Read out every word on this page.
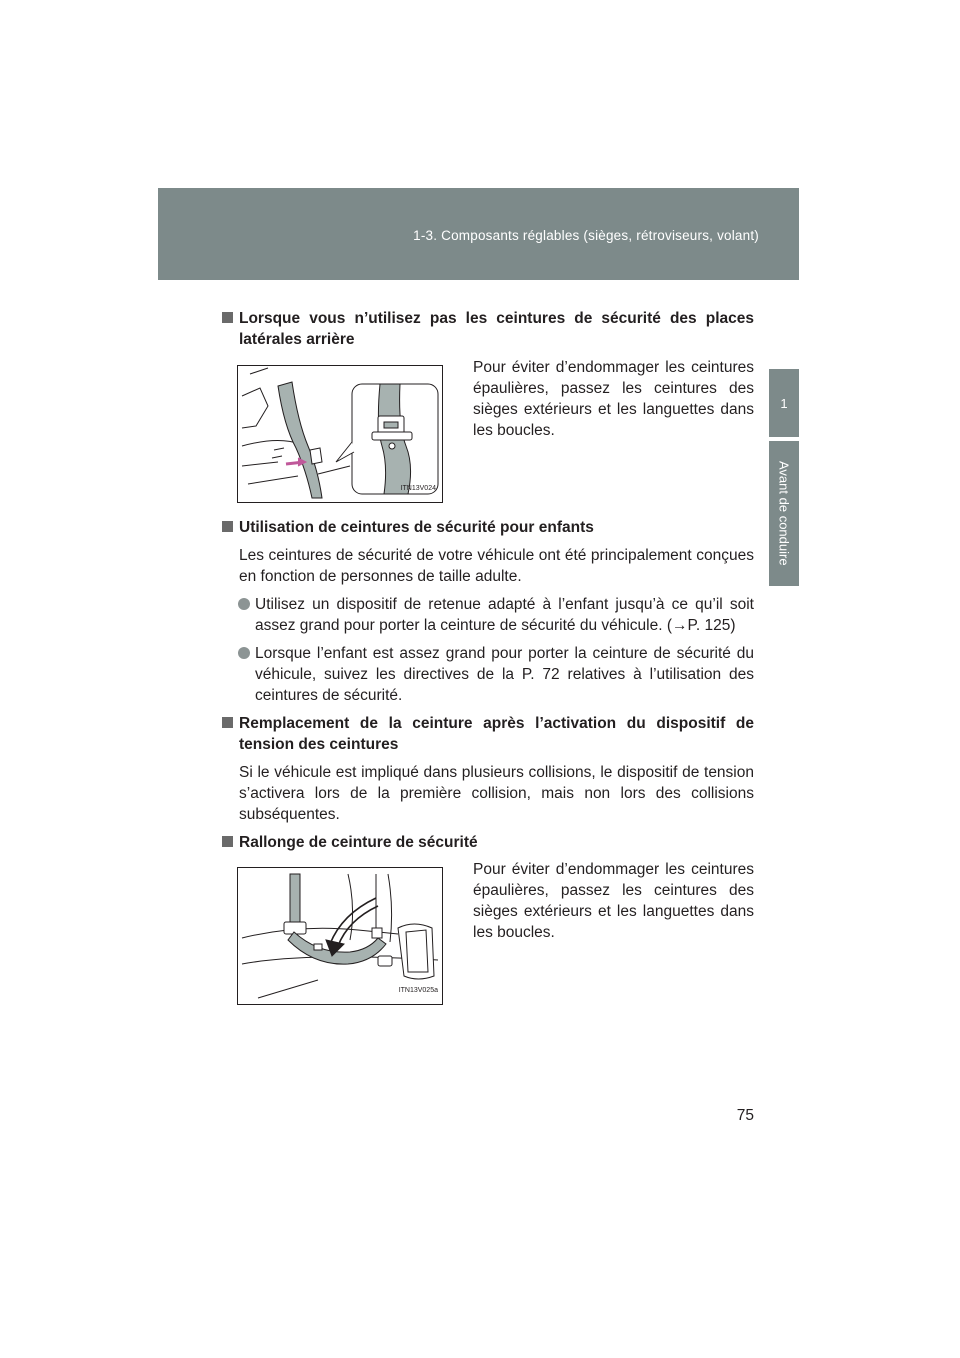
1-3. Composants réglables (sièges, rétroviseurs, volant)
1
Avant de conduire
Lorsque vous n’utilisez pas les ceintures de sécurité des places latérales arrière
ITN13V024
Pour éviter d’endommager les ceintures épaulières, passez les ceintures des sièges extérieurs et les languettes dans les boucles.
Utilisation de ceintures de sécurité pour enfants
Les ceintures de sécurité de votre véhicule ont été principalement conçues en fonction de personnes de taille adulte.
Utilisez un dispositif de retenue adapté à l’enfant jusqu’à ce qu’il soit assez grand pour porter la ceinture de sécurité du véhicule. (→P. 125)
Lorsque l’enfant est assez grand pour porter la ceinture de sécurité du véhicule, suivez les directives de la P. 72 relatives à l’utilisation des ceintures de sécurité.
Remplacement de la ceinture après l’activation du dispositif de tension des ceintures
Si le véhicule est impliqué dans plusieurs collisions, le dispositif de tension s’activera lors de la première collision, mais non lors des collisions subséquentes.
Rallonge de ceinture de sécurité
ITN13V025a
Pour éviter d’endommager les ceintures épaulières, passez les ceintures des sièges extérieurs et les languettes dans les boucles.
75
